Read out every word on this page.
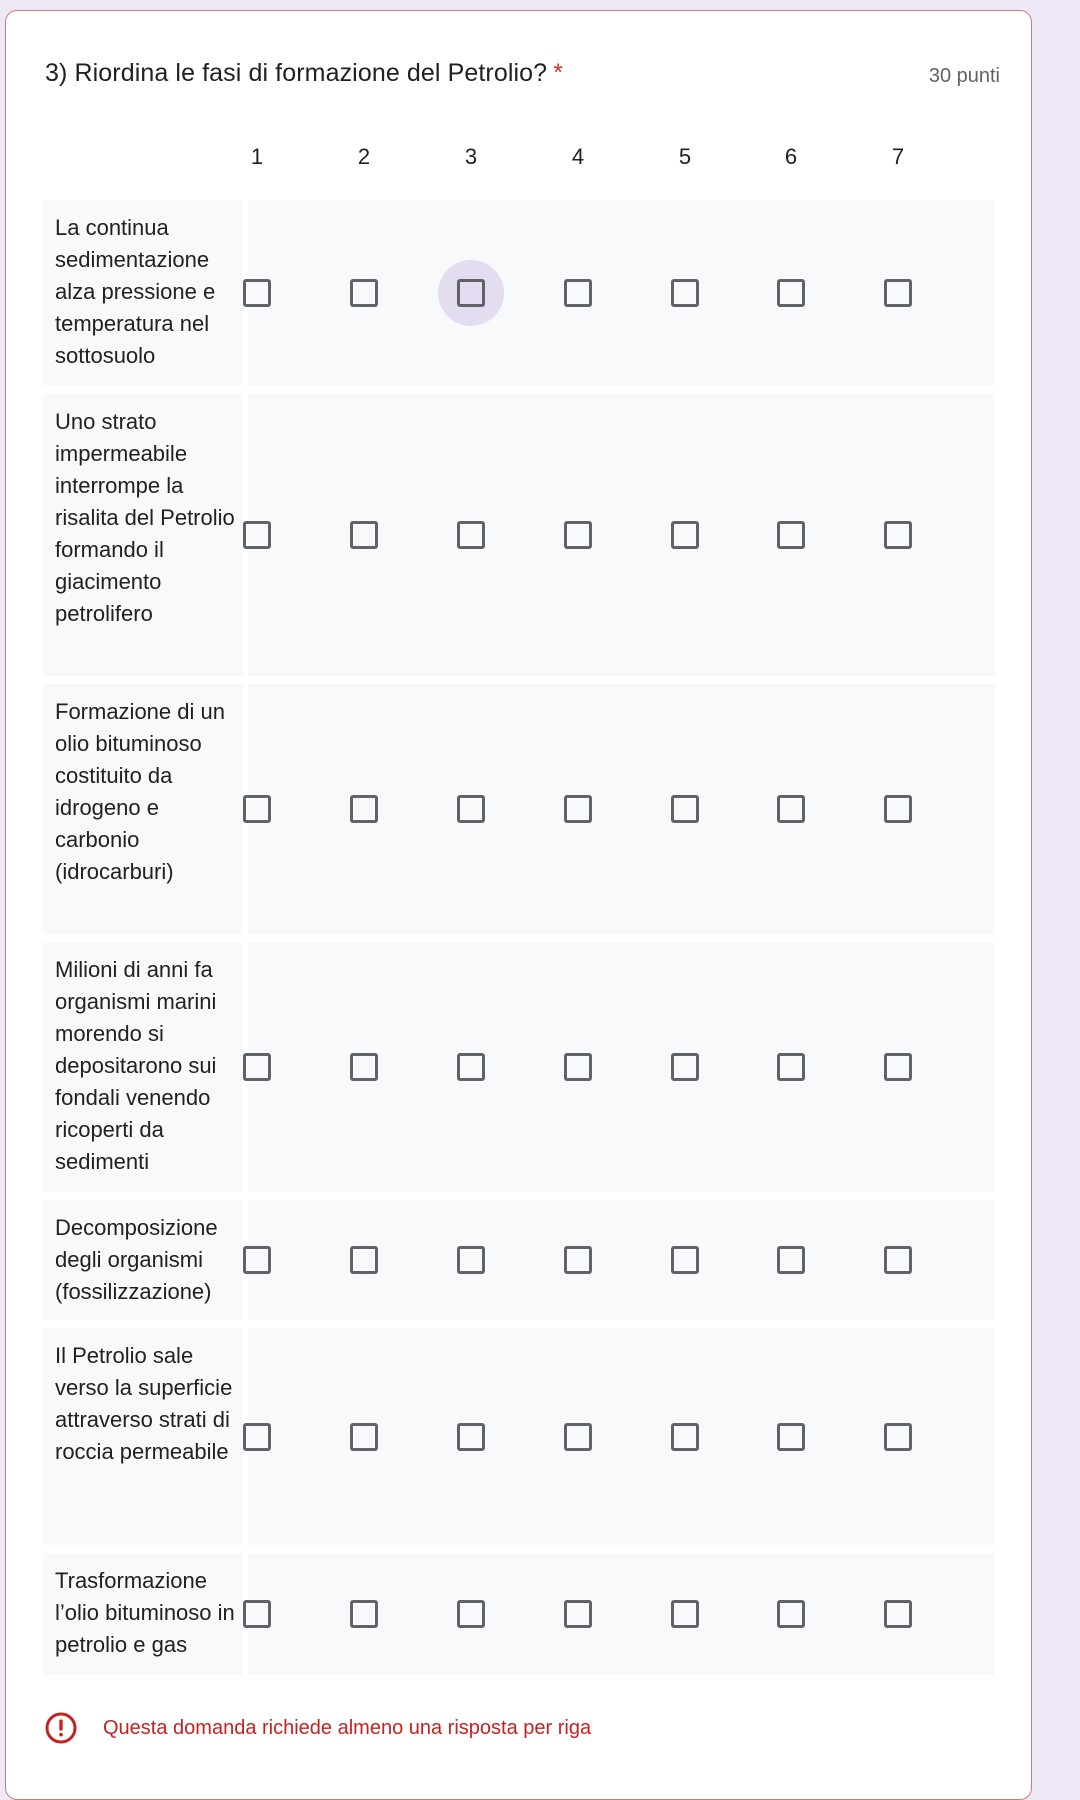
3) Riordina le fasi di formazione del Petrolio? *	30 punti
1	2	3	4	5	6	7
La continua sedimentazione alza pressione e temperatura nel sottosuolo
Uno strato impermeabile interrompe la risalita del Petrolio formando il giacimento petrolifero
Formazione di un olio bituminoso costituito da idrogeno e carbonio (idrocarburi)
Milioni di anni fa organismi marini morendo si depositarono sui fondali venendo ricoperti da sedimenti
Decomposizione degli organismi (fossilizzazione)
Il Petrolio sale verso la superficie attraverso strati di roccia permeabile
Trasformazione l’olio bituminoso in petrolio e gas
Questa domanda richiede almeno una risposta per riga
